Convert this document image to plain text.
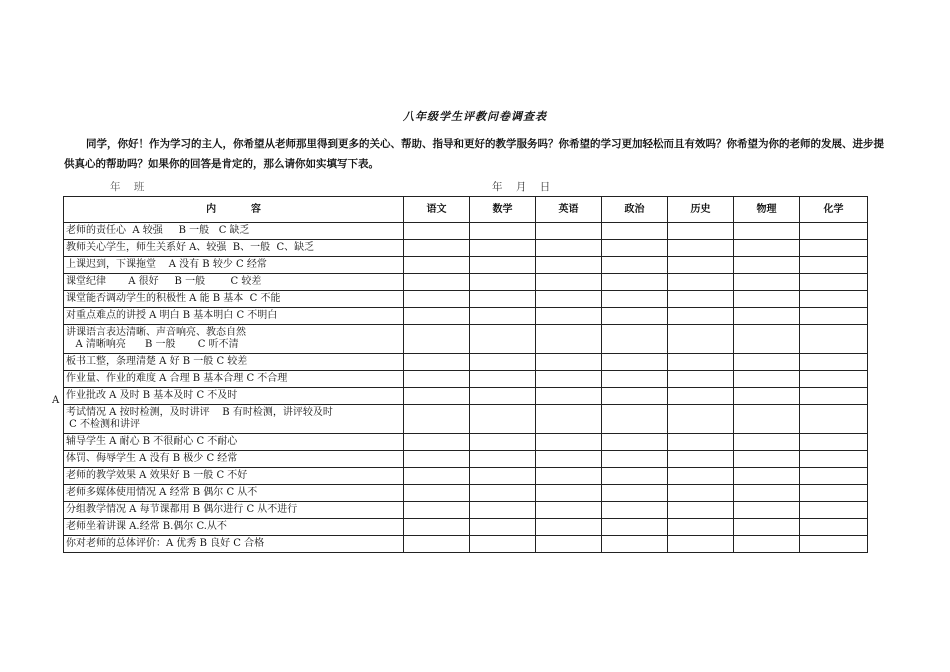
八年级学生评教问卷调查表
同学，你好！作为学习的主人，你希望从老师那里得到更多的关心、帮助、指导和更好的教学服务吗？你希望的学习更加轻松而且有效吗？你希望为你的老师的发展、进步提供真心的帮助吗？如果你的回答是肯定的，那么请你如实填写下表。
年    班	年    月    日
A
内          容	语文	数学	英语	政治	历史	物理	化学
老师的责任心  A 较强     B 一般   C 缺乏							
教师关心学生，师生关系好 A、较强  B、一般  C、缺乏							
上课迟到，下课拖堂    A 没有 B 较少 C 经常							
课堂纪律       A 很好     B 一般        C 较差							
课堂能否调动学生的积极性 A 能 B 基本  C 不能							
对重点难点的讲授 A 明白 B 基本明白 C 不明白							
讲课语言表达清晰、声音响亮、教态自然
A 清晰响亮      B 一般       C 听不清							
板书工整，条理清楚 A 好 B 一般 C 较差							
作业量、作业的难度 A 合理 B 基本合理 C 不合理							
作业批改 A 及时 B 基本及时 C 不及时							
考试情况 A 按时检测，及时讲评    B 有时检测，讲评较及时
C 不检测和讲评							
辅导学生 A 耐心 B 不很耐心 C 不耐心							
体罚、侮辱学生 A 没有 B 极少 C 经常							
老师的教学效果 A 效果好 B 一般 C 不好							
老师多媒体使用情况 A 经常 B 偶尔 C 从不							
分组教学情况 A 每节课都用 B 偶尔进行 C 从不进行							
老师坐着讲课 A.经常 B.偶尔 C.从不							
你对老师的总体评价：A 优秀 B 良好 C 合格							
